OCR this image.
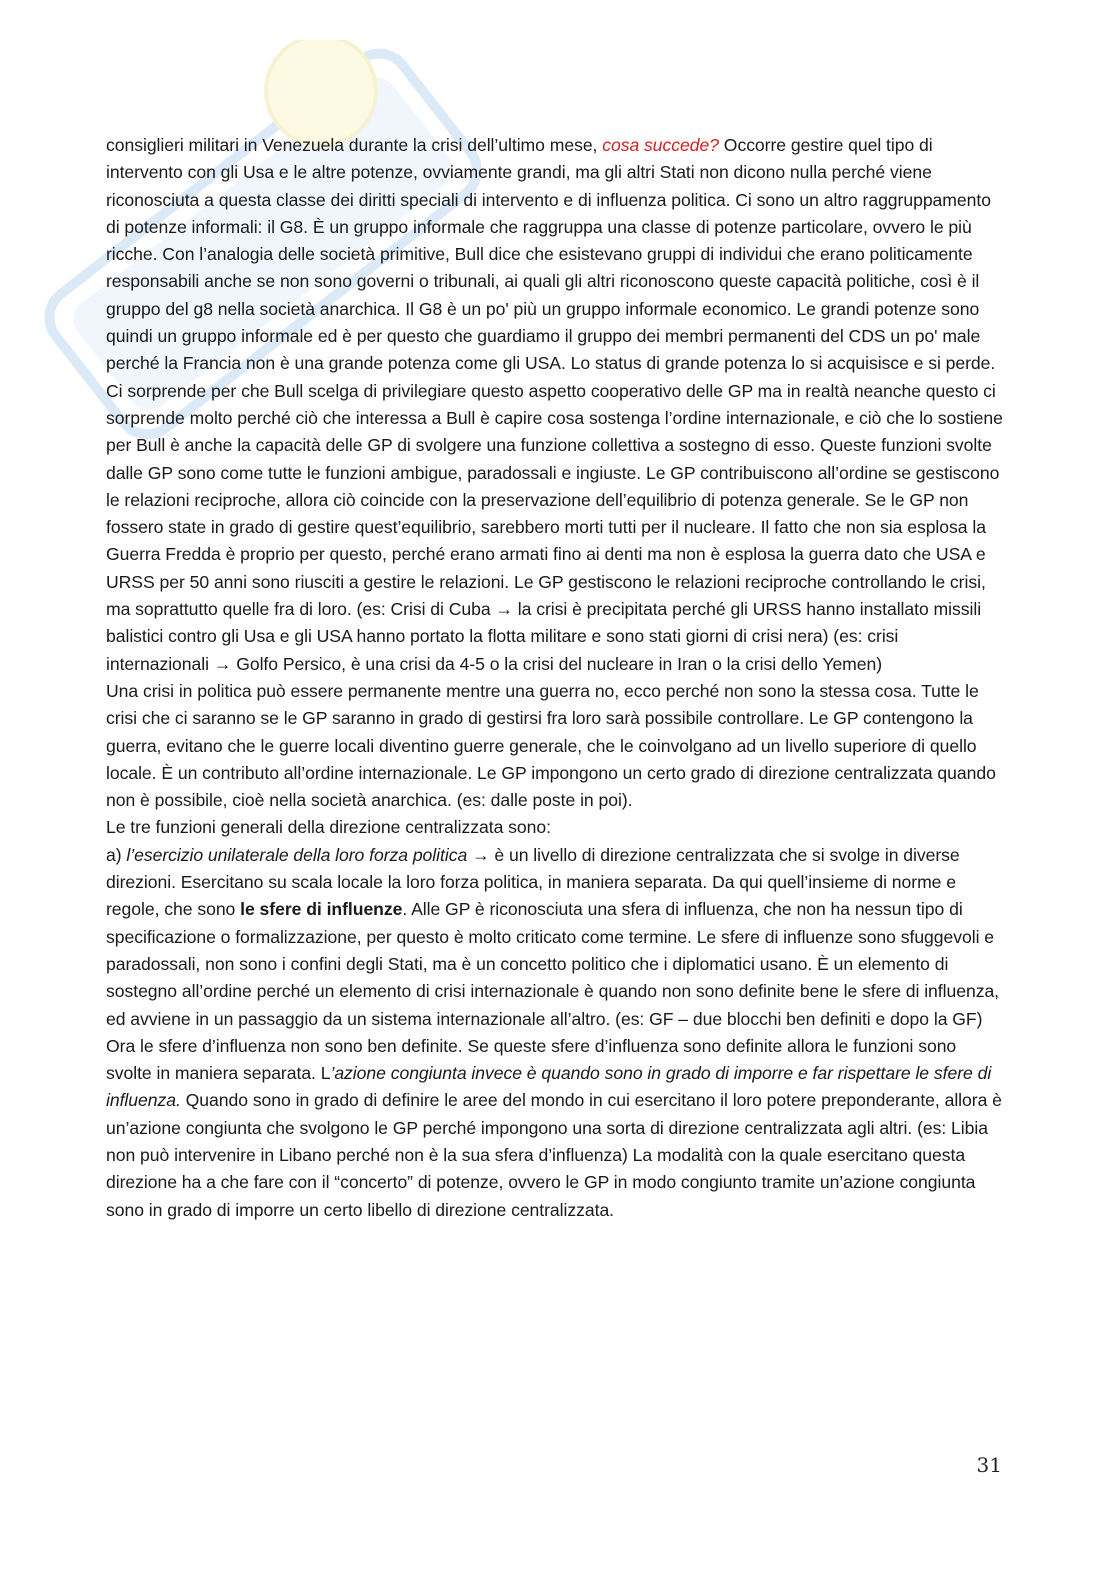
consiglieri militari in Venezuela durante la crisi dell’ultimo mese, cosa succede? Occorre gestire quel tipo di intervento con gli Usa e le altre potenze, ovviamente grandi, ma gli altri Stati non dicono nulla perché viene riconosciuta a questa classe dei diritti speciali di intervento e di influenza politica. Ci sono un altro raggruppamento di potenze informali: il G8. È un gruppo informale che raggruppa una classe di potenze particolare, ovvero le più ricche. Con l’analogia delle società primitive, Bull dice che esistevano gruppi di individui che erano politicamente responsabili anche se non sono governi o tribunali, ai quali gli altri riconoscono queste capacità politiche, così è il gruppo del g8 nella società anarchica. Il G8 è un po' più un gruppo informale economico. Le grandi potenze sono quindi un gruppo informale ed è per questo che guardiamo il gruppo dei membri permanenti del CDS un po' male perché la Francia non è una grande potenza come gli USA. Lo status di grande potenza lo si acquisisce e si perde. Ci sorprende per che Bull scelga di privilegiare questo aspetto cooperativo delle GP ma in realtà neanche questo ci sorprende molto perché ciò che interessa a Bull è capire cosa sostenga l’ordine internazionale, e ciò che lo sostiene per Bull è anche la capacità delle GP di svolgere una funzione collettiva a sostegno di esso. Queste funzioni svolte dalle GP sono come tutte le funzioni ambigue, paradossali e ingiuste. Le GP contribuiscono all’ordine se gestiscono le relazioni reciproche, allora ciò coincide con la preservazione dell’equilibrio di potenza generale. Se le GP non fossero state in grado di gestire quest’equilibrio, sarebbero morti tutti per il nucleare. Il fatto che non sia esplosa la Guerra Fredda è proprio per questo, perché erano armati fino ai denti ma non è esplosa la guerra dato che USA e URSS per 50 anni sono riusciti a gestire le relazioni. Le GP gestiscono le relazioni reciproche controllando le crisi, ma soprattutto quelle fra di loro. (es: Crisi di Cuba → la crisi è precipitata perché gli URSS hanno installato missili balistici contro gli Usa e gli USA hanno portato la flotta militare e sono stati giorni di crisi nera) (es: crisi internazionali → Golfo Persico, è una crisi da 4-5 o la crisi del nucleare in Iran o la crisi dello Yemen)

Una crisi in politica può essere permanente mentre una guerra no, ecco perché non sono la stessa cosa. Tutte le crisi che ci saranno se le GP saranno in grado di gestirsi fra loro sarà possibile controllare. Le GP contengono la guerra, evitano che le guerre locali diventino guerre generale, che le coinvolgano ad un livello superiore di quello locale. È un contributo all’ordine internazionale. Le GP impongono un certo grado di direzione centralizzata quando non è possibile, cioè nella società anarchica. (es: dalle poste in poi).

Le tre funzioni generali della direzione centralizzata sono:

a) l’esercizio unilaterale della loro forza politica → è un livello di direzione centralizzata che si svolge in diverse direzioni. Esercitano su scala locale la loro forza politica, in maniera separata. Da qui quell’insieme di norme e regole, che sono le sfere di influenze. Alle GP è riconosciuta una sfera di influenza, che non ha nessun tipo di specificazione o formalizzazione, per questo è molto criticato come termine. Le sfere di influenze sono sfuggevoli e paradossali, non sono i confini degli Stati, ma è un concetto politico che i diplomatici usano. È un elemento di sostegno all’ordine perché un elemento di crisi internazionale è quando non sono definite bene le sfere di influenza, ed avviene in un passaggio da un sistema internazionale all’altro. (es: GF – due blocchi ben definiti e dopo la GF) Ora le sfere d’influenza non sono ben definite. Se queste sfere d’influenza sono definite allora le funzioni sono svolte in maniera separata. L’azione congiunta invece è quando sono in grado di imporre e far rispettare le sfere di influenza. Quando sono in grado di definire le aree del mondo in cui esercitano il loro potere preponderante, allora è un’azione congiunta che svolgono le GP perché impongono una sorta di direzione centralizzata agli altri. (es: Libia non può intervenire in Libano perché non è la sua sfera d’influenza) La modalità con la quale esercitano questa direzione ha a che fare con il “concerto” di potenze, ovvero le GP in modo congiunto tramite un’azione congiunta sono in grado di imporre un certo libello di direzione centralizzata.

31
